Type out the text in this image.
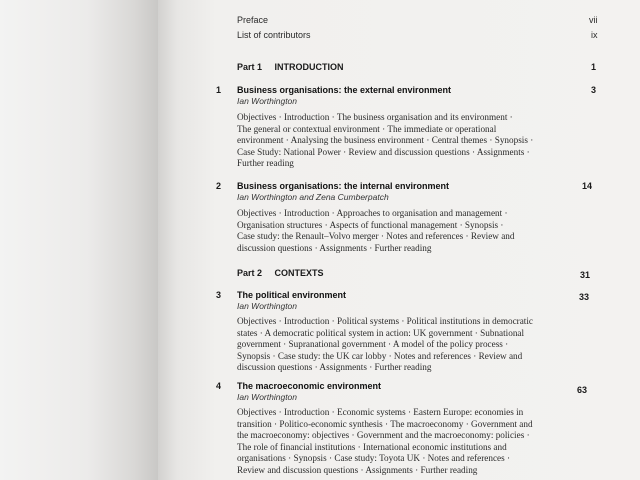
Preface	vii
List of contributors	ix
Part 1 INTRODUCTION	1
1 Business organisations: the external environment	3
Ian Worthington
Objectives · Introduction · The business organisation and its environment ·
The general or contextual environment · The immediate or operational
environment · Analysing the business environment · Central themes · Synopsis ·
Case Study: National Power · Review and discussion questions · Assignments ·
Further reading
2 Business organisations: the internal environment	14
Ian Worthington and Zena Cumberpatch
Objectives · Introduction · Approaches to organisation and management ·
Organisation structures · Aspects of functional management · Synopsis ·
Case study: the Renault–Volvo merger · Notes and references · Review and
discussion questions · Assignments · Further reading
Part 2 CONTEXTS	31
3 The political environment	33
Ian Worthington
Objectives · Introduction · Political systems · Political institutions in democratic
states · A democratic political system in action: UK government · Subnational
government · Supranational government · A model of the policy process ·
Synopsis · Case study: the UK car lobby · Notes and references · Review and
discussion questions · Assignments · Further reading
4 The macroeconomic environment	63
Ian Worthington
Objectives · Introduction · Economic systems · Eastern Europe: economies in
transition · Politico-economic synthesis · The macroeconomy · Government and
the macroeconomy: objectives · Government and the macroeconomy: policies ·
The role of financial institutions · International economic institutions and
organisations · Synopsis · Case study: Toyota UK · Notes and references ·
Review and discussion questions · Assignments · Further reading
